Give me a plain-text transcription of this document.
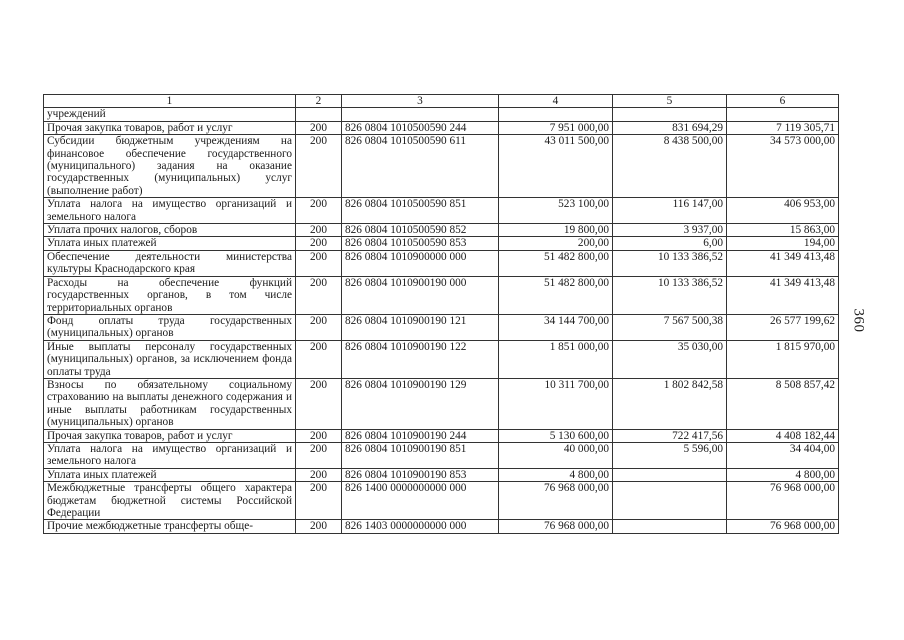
360
1	2	3	4	5	6
учреждений					
Прочая закупка товаров, работ и услуг	200	826 0804 1010500590 244	7 951 000,00	831 694,29	7 119 305,71
Субсидии бюджетным учреждениям на финансовое обеспечение государственного (муниципального) задания на оказание государственных (муниципальных) услуг (выполнение работ)	200	826 0804 1010500590 611	43 011 500,00	8 438 500,00	34 573 000,00
Уплата налога на имущество организаций и земельного налога	200	826 0804 1010500590 851	523 100,00	116 147,00	406 953,00
Уплата прочих налогов, сборов	200	826 0804 1010500590 852	19 800,00	3 937,00	15 863,00
Уплата иных платежей	200	826 0804 1010500590 853	200,00	6,00	194,00
Обеспечение деятельности министерства культуры Краснодарского края	200	826 0804 1010900000 000	51 482 800,00	10 133 386,52	41 349 413,48
Расходы на обеспечение функций государственных органов, в том числе территориальных органов	200	826 0804 1010900190 000	51 482 800,00	10 133 386,52	41 349 413,48
Фонд оплаты труда государственных (муниципальных) органов	200	826 0804 1010900190 121	34 144 700,00	7 567 500,38	26 577 199,62
Иные выплаты персоналу государственных (муниципальных) органов, за исключением фонда оплаты труда	200	826 0804 1010900190 122	1 851 000,00	35 030,00	1 815 970,00
Взносы по обязательному социальному страхованию на выплаты денежного содержания и иные выплаты работникам государственных (муниципальных) органов	200	826 0804 1010900190 129	10 311 700,00	1 802 842,58	8 508 857,42
Прочая закупка товаров, работ и услуг	200	826 0804 1010900190 244	5 130 600,00	722 417,56	4 408 182,44
Уплата налога на имущество организаций и земельного налога	200	826 0804 1010900190 851	40 000,00	5 596,00	34 404,00
Уплата иных платежей	200	826 0804 1010900190 853	4 800,00		4 800,00
Межбюджетные трансферты общего характера бюджетам бюджетной системы Российской Федерации	200	826 1400 0000000000 000	76 968 000,00		76 968 000,00
Прочие межбюджетные трансферты обще-	200	826 1403 0000000000 000	76 968 000,00		76 968 000,00
